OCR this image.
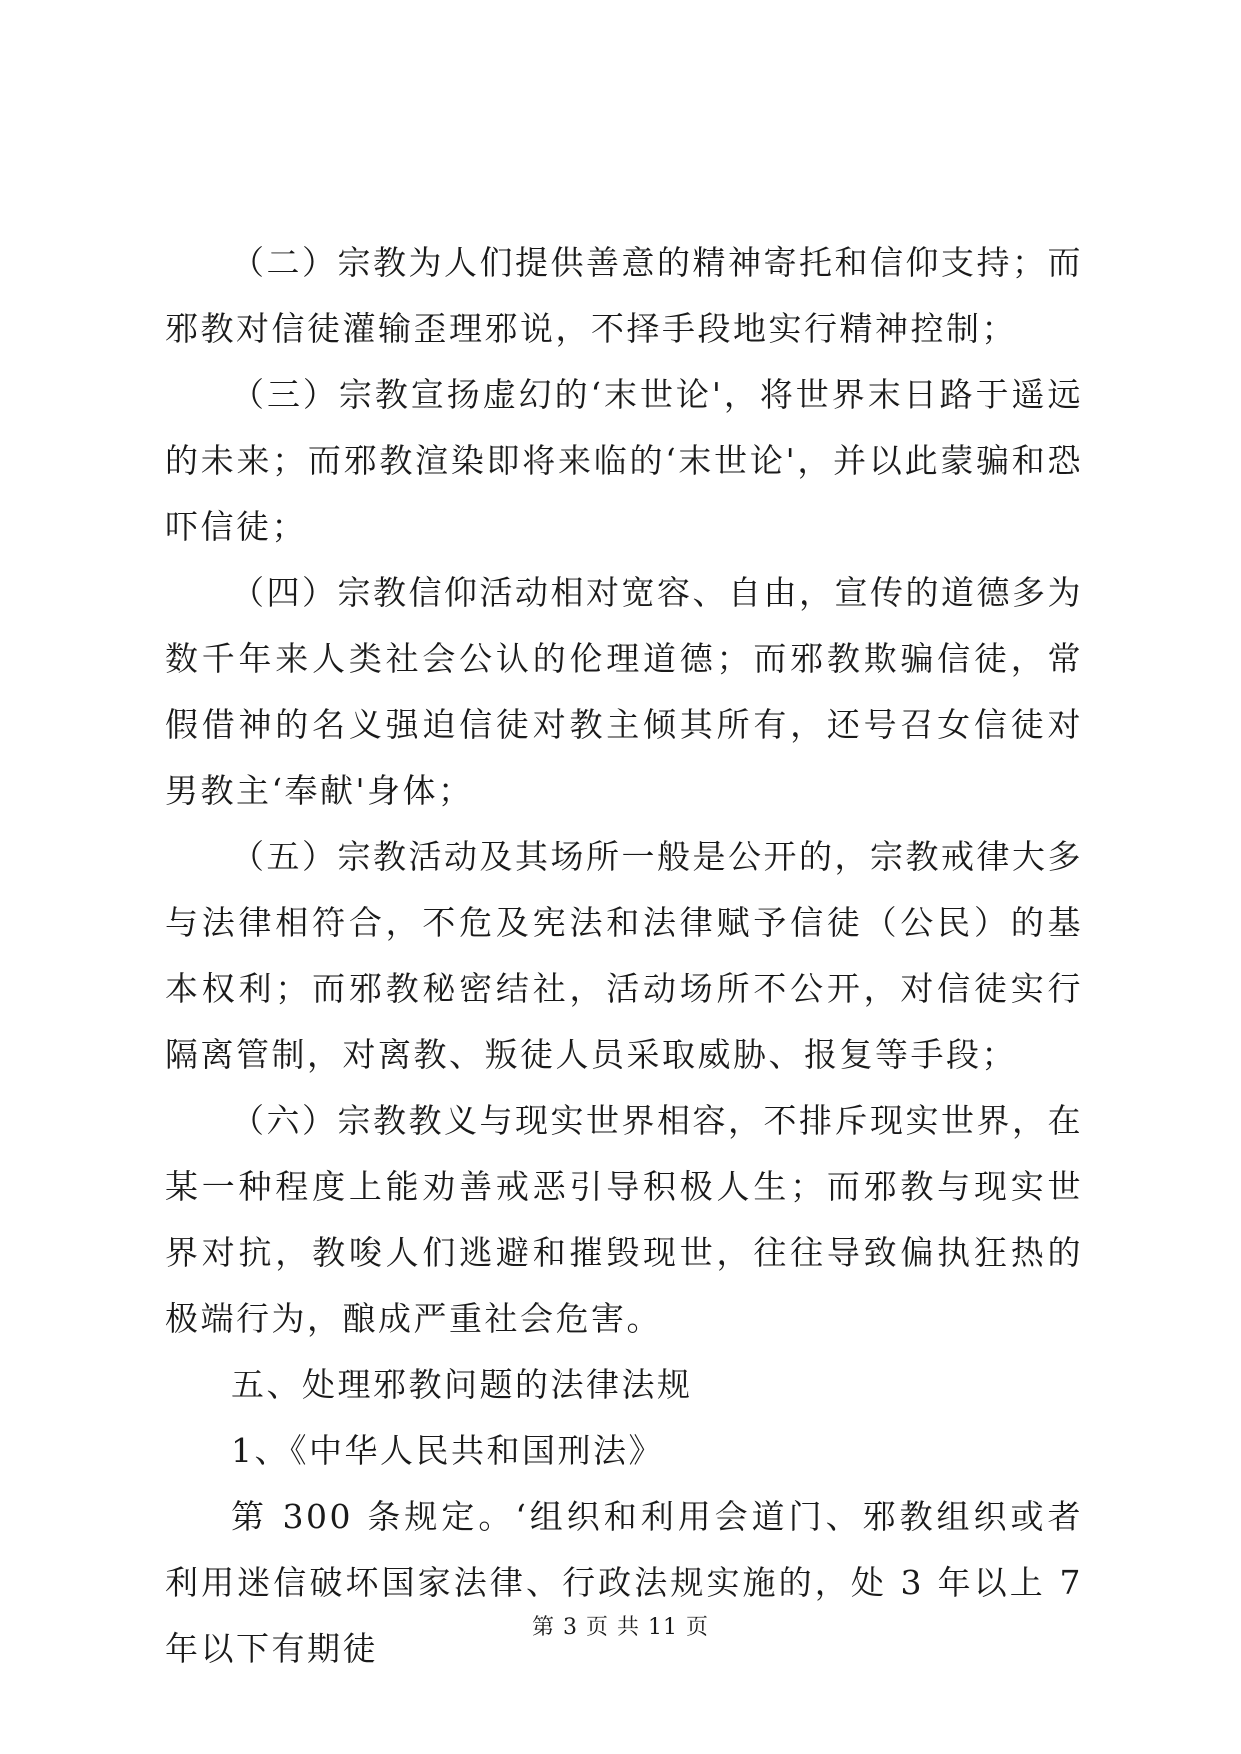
（二）宗教为人们提供善意的精神寄托和信仰支持；而邪教对信徒灌输歪理邪说，不择手段地实行精神控制；

（三）宗教宣扬虚幻的‘末世论'，将世界末日路于遥远的未来；而邪教渲染即将来临的‘末世论'，并以此蒙骗和恐吓信徒；

（四）宗教信仰活动相对宽容、自由，宣传的道德多为数千年来人类社会公认的伦理道德；而邪教欺骗信徒，常假借神的名义强迫信徒对教主倾其所有，还号召女信徒对男教主‘奉献'身体；

（五）宗教活动及其场所一般是公开的，宗教戒律大多与法律相符合，不危及宪法和法律赋予信徒（公民）的基本权利；而邪教秘密结社，活动场所不公开，对信徒实行隔离管制，对离教、叛徒人员采取威胁、报复等手段；

（六）宗教教义与现实世界相容，不排斥现实世界，在某一种程度上能劝善戒恶引导积极人生；而邪教与现实世界对抗，教唆人们逃避和摧毁现世，往往导致偏执狂热的极端行为，酿成严重社会危害。

五、处理邪教问题的法律法规

1、《中华人民共和国刑法》

第 300 条规定。‘组织和利用会道门、邪教组织或者利用迷信破坏国家法律、行政法规实施的，处 3 年以上 7 年以下有期徒

第 3 页 共 11 页
